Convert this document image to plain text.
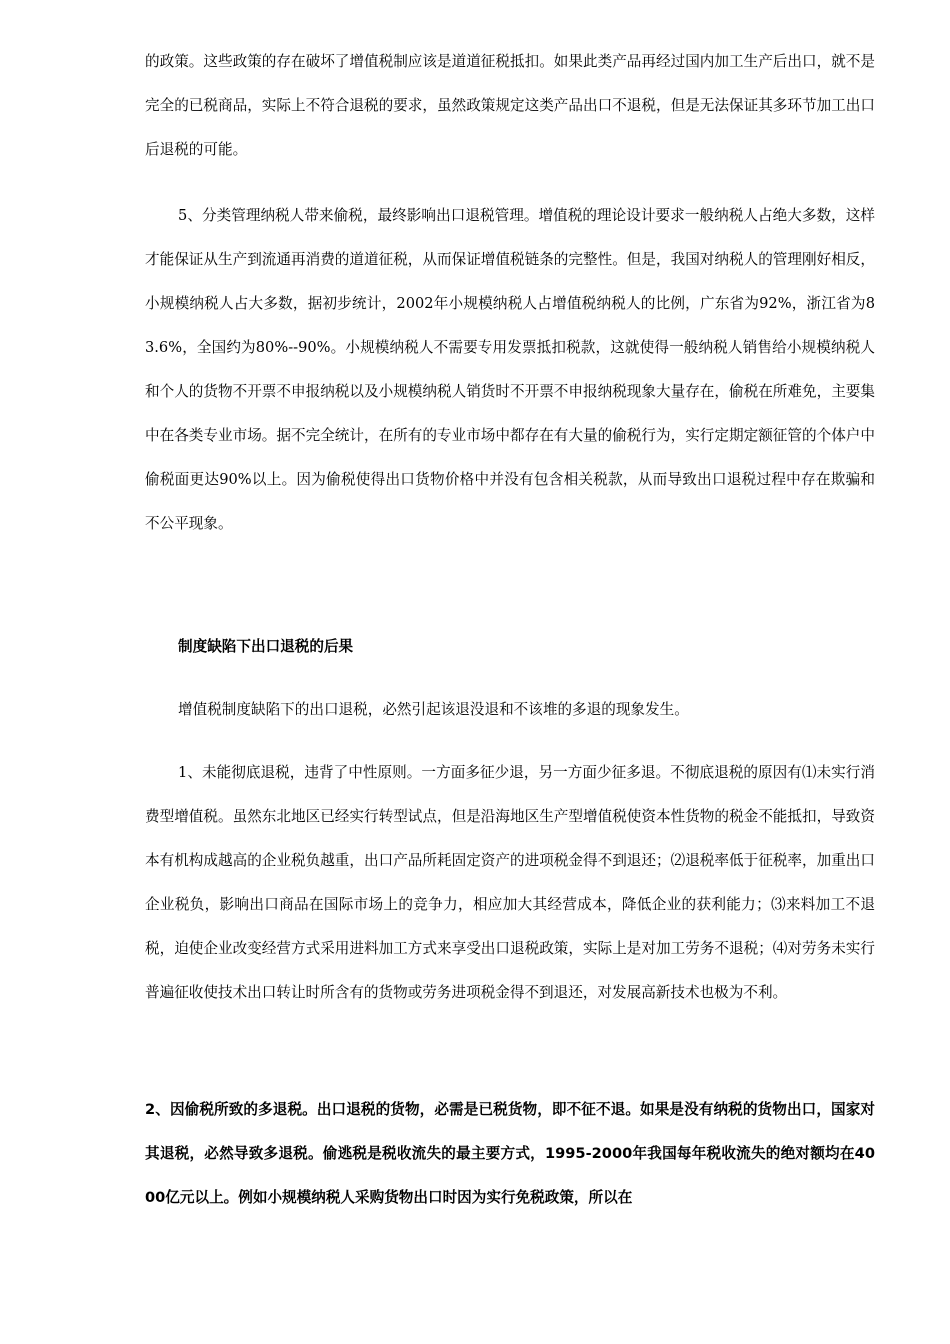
的政策。这些政策的存在破坏了增值税制应该是道道征税抵扣。如果此类产品再经过国内加工生产后出口，就不是完全的已税商品，实际上不符合退税的要求，虽然政策规定这类产品出口不退税，但是无法保证其多环节加工出口后退税的可能。

5、分类管理纳税人带来偷税，最终影响出口退税管理。增值税的理论设计要求一般纳税人占绝大多数，这样才能保证从生产到流通再消费的道道征税，从而保证增值税链条的完整性。但是，我国对纳税人的管理刚好相反，小规模纳税人占大多数，据初步统计，2002年小规模纳税人占增值税纳税人的比例，广东省为92%，浙江省为83.6%，全国约为80%--90%。小规模纳税人不需要专用发票抵扣税款，这就使得一般纳税人销售给小规模纳税人和个人的货物不开票不申报纳税以及小规模纳税人销货时不开票不申报纳税现象大量存在，偷税在所难免，主要集中在各类专业市场。据不完全统计，在所有的专业市场中都存在有大量的偷税行为，实行定期定额征管的个体户中偷税面更达90%以上。因为偷税使得出口货物价格中并没有包含相关税款，从而导致出口退税过程中存在欺骗和不公平现象。

制度缺陷下出口退税的后果

增值税制度缺陷下的出口退税，必然引起该退没退和不该堆的多退的现象发生。

1、未能彻底退税，违背了中性原则。一方面多征少退，另一方面少征多退。不彻底退税的原因有⑴未实行消费型增值税。虽然东北地区已经实行转型试点，但是沿海地区生产型增值税使资本性货物的税金不能抵扣，导致资本有机构成越高的企业税负越重，出口产品所耗固定资产的进项税金得不到退还；⑵退税率低于征税率，加重出口企业税负，影响出口商品在国际市场上的竞争力，相应加大其经营成本，降低企业的获利能力；⑶来料加工不退税，迫使企业改变经营方式采用进料加工方式来享受出口退税政策，实际上是对加工劳务不退税；⑷对劳务未实行普遍征收使技术出口转让时所含有的货物或劳务进项税金得不到退还，对发展高新技术也极为不利。

2、因偷税所致的多退税。出口退税的货物，必需是已税货物，即不征不退。如果是没有纳税的货物出口，国家对其退税，必然导致多退税。偷逃税是税收流失的最主要方式，1995-2000年我国每年税收流失的绝对额均在4000亿元以上。例如小规模纳税人采购货物出口时因为实行免税政策，所以在
